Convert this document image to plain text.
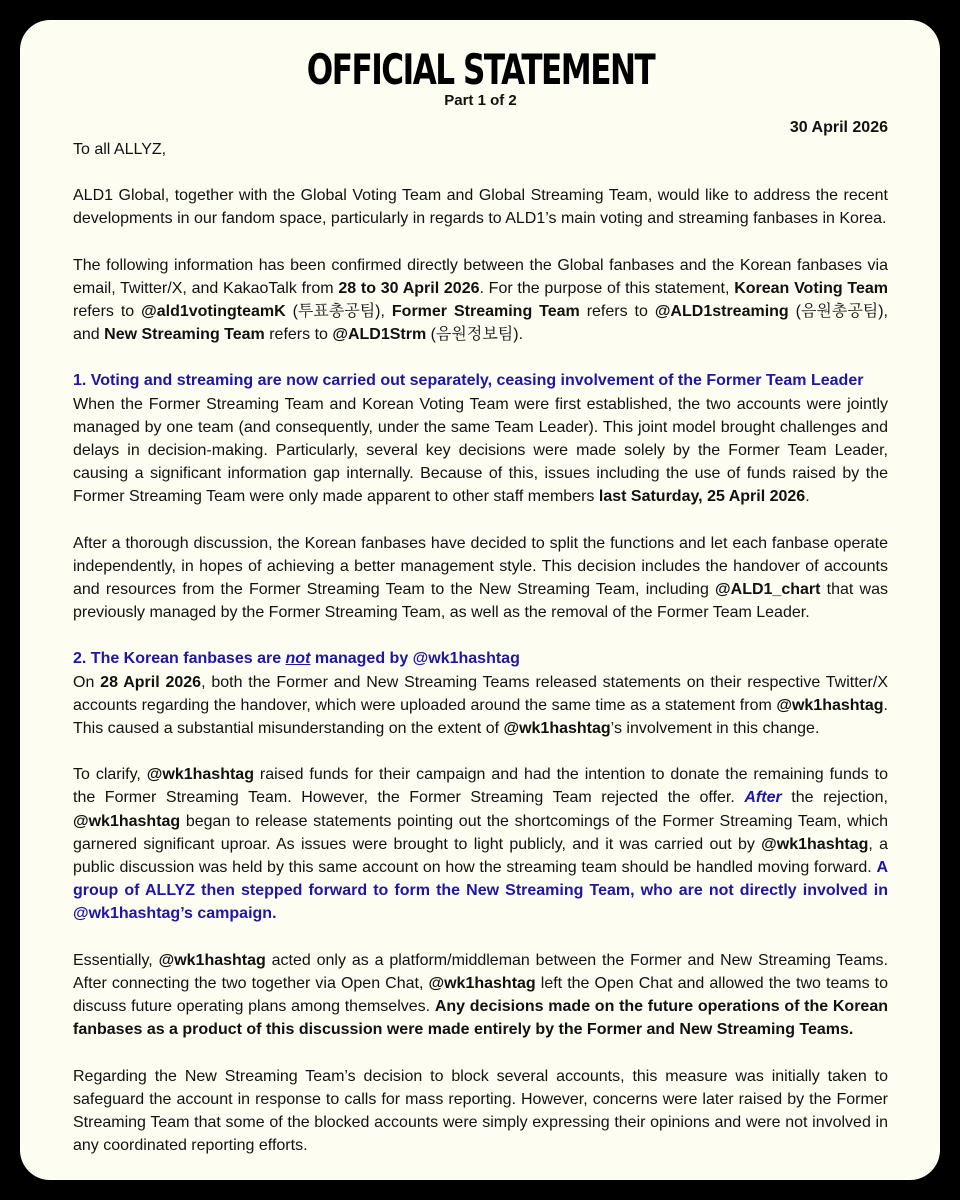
OFFICIAL STATEMENT
Part 1 of 2
30 April 2026

To all ALLYZ,

ALD1 Global, together with the Global Voting Team and Global Streaming Team, would like to address the recent developments in our fandom space, particularly in regards to ALD1’s main voting and streaming fanbases in Korea.

The following information has been confirmed directly between the Global fanbases and the Korean fanbases via email, Twitter/X, and KakaoTalk from 28 to 30 April 2026. For the purpose of this statement, Korean Voting Team refers to @ald1votingteamK (투표총공팀), Former Streaming Team refers to @ALD1streaming (음원총공팀), and New Streaming Team refers to @ALD1Strm (음원정보팀).

1. Voting and streaming are now carried out separately, ceasing involvement of the Former Team Leader

When the Former Streaming Team and Korean Voting Team were first established, the two accounts were jointly managed by one team (and consequently, under the same Team Leader). This joint model brought challenges and delays in decision-making. Particularly, several key decisions were made solely by the Former Team Leader, causing a significant information gap internally. Because of this, issues including the use of funds raised by the Former Streaming Team were only made apparent to other staff members last Saturday, 25 April 2026.

After a thorough discussion, the Korean fanbases have decided to split the functions and let each fanbase operate independently, in hopes of achieving a better management style. This decision includes the handover of accounts and resources from the Former Streaming Team to the New Streaming Team, including @ALD1_chart that was previously managed by the Former Streaming Team, as well as the removal of the Former Team Leader.

2. The Korean fanbases are not managed by @wk1hashtag

On 28 April 2026, both the Former and New Streaming Teams released statements on their respective Twitter/X accounts regarding the handover, which were uploaded around the same time as a statement from @wk1hashtag. This caused a substantial misunderstanding on the extent of @wk1hashtag’s involvement in this change.

To clarify, @wk1hashtag raised funds for their campaign and had the intention to donate the remaining funds to the Former Streaming Team. However, the Former Streaming Team rejected the offer. After the rejection, @wk1hashtag began to release statements pointing out the shortcomings of the Former Streaming Team, which garnered significant uproar. As issues were brought to light publicly, and it was carried out by @wk1hashtag, a public discussion was held by this same account on how the streaming team should be handled moving forward. A group of ALLYZ then stepped forward to form the New Streaming Team, who are not directly involved in @wk1hashtag’s campaign.

Essentially, @wk1hashtag acted only as a platform/middleman between the Former and New Streaming Teams. After connecting the two together via Open Chat, @wk1hashtag left the Open Chat and allowed the two teams to discuss future operating plans among themselves. Any decisions made on the future operations of the Korean fanbases as a product of this discussion were made entirely by the Former and New Streaming Teams.

Regarding the New Streaming Team’s decision to block several accounts, this measure was initially taken to safeguard the account in response to calls for mass reporting. However, concerns were later raised by the Former Streaming Team that some of the blocked accounts were simply expressing their opinions and were not involved in any coordinated reporting efforts.
